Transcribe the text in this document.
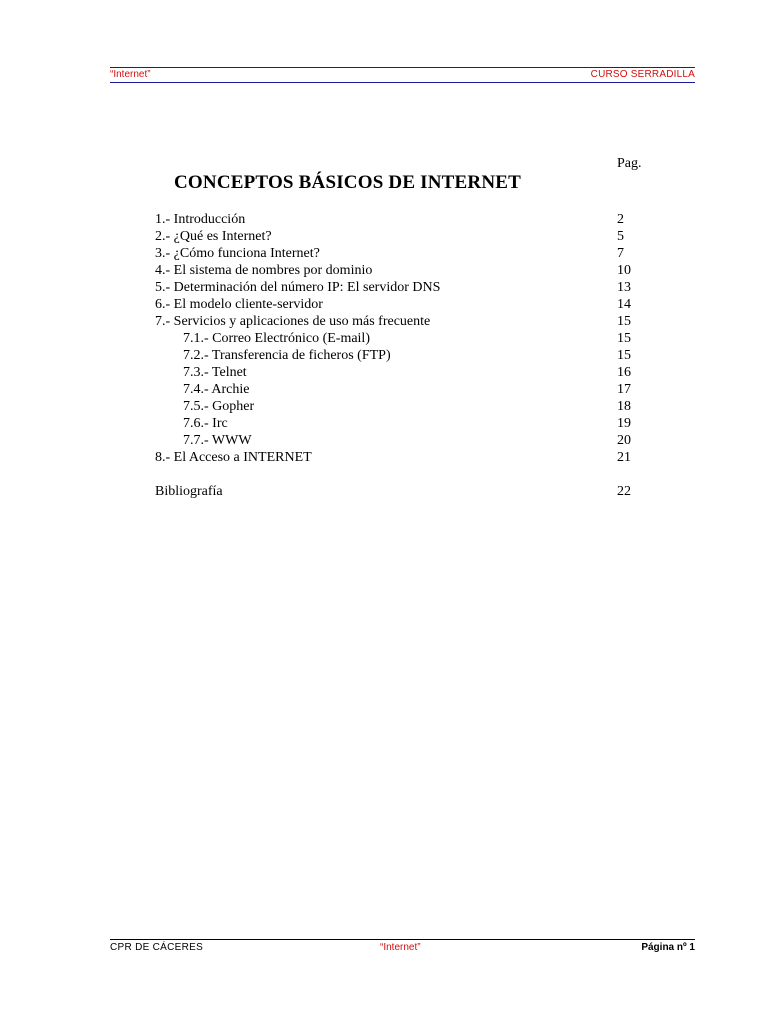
“Internet”	CURSO SERRADILLA
Pag.
CONCEPTOS BÁSICOS DE INTERNET
1.- Introducción	2
2.- ¿Qué es Internet?	5
3.- ¿Cómo funciona Internet?	7
4.- El sistema de nombres por dominio	10
5.- Determinación del número IP: El servidor DNS	13
6.- El modelo cliente-servidor	14
7.- Servicios y aplicaciones de uso más frecuente	15
7.1.- Correo Electrónico (E-mail)	15
7.2.- Transferencia de ficheros (FTP)	15
7.3.- Telnet	16
7.4.- Archie	17
7.5.- Gopher	18
7.6.- Irc	19
7.7.- WWW	20
8.- El Acceso a INTERNET	21
Bibliografía	22
CPR DE CÁCERES	“Internet”	Página nº 1
